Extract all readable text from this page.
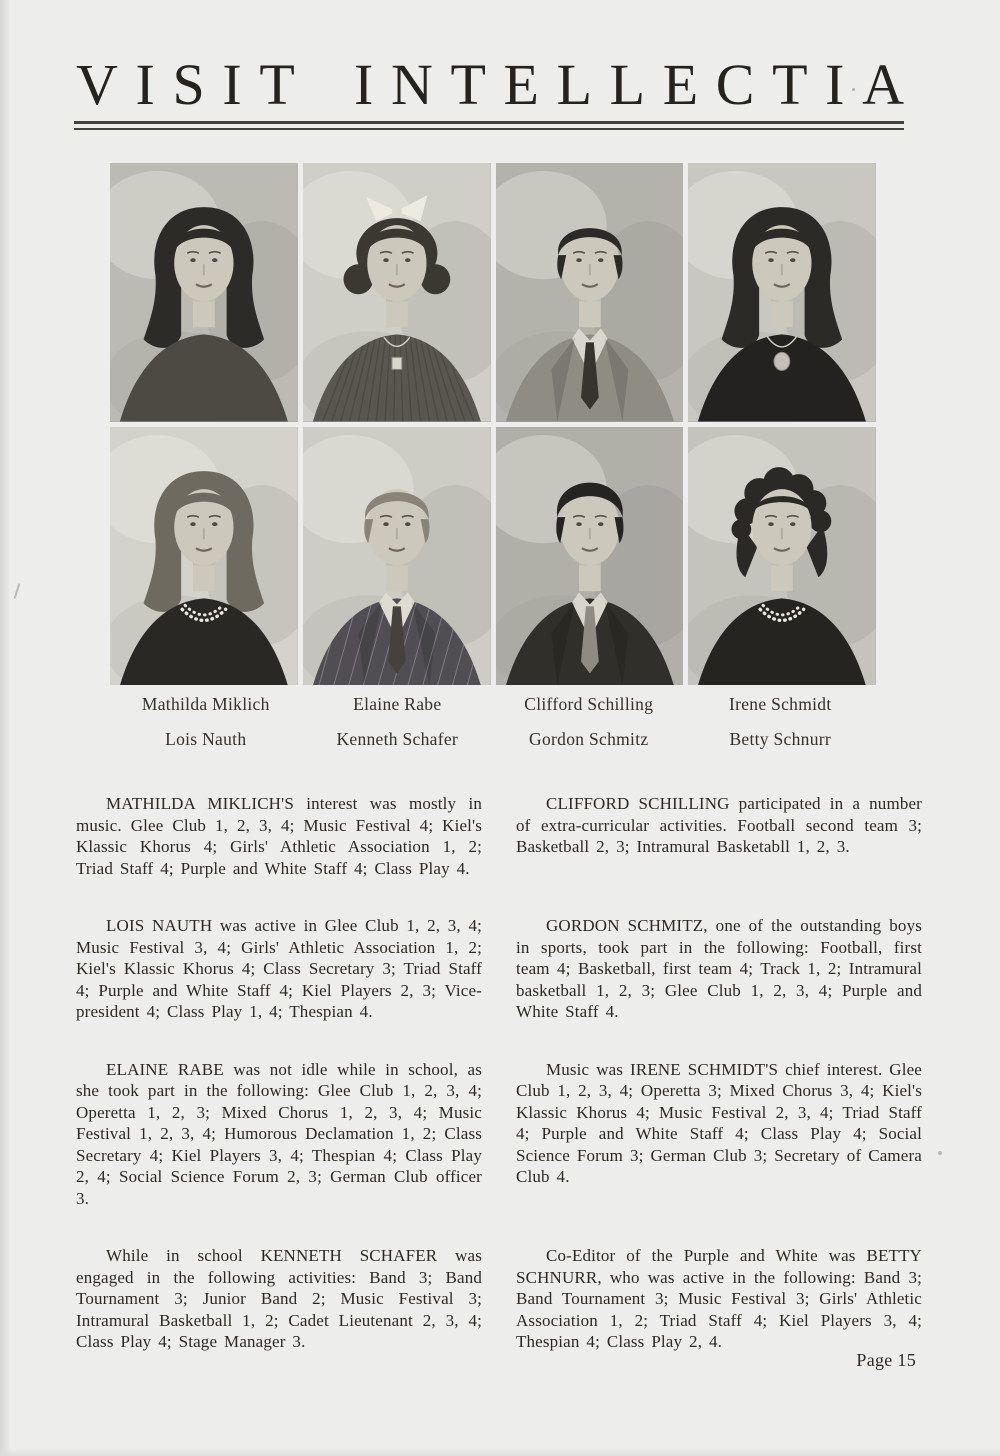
V I S I T
I N T E L L E C T I A
Mathilda Miklich	Elaine Rabe	Clifford Schilling	Irene Schmidt
Lois Nauth	Kenneth Schafer	Gordon Schmitz	Betty Schnurr

MATHILDA MIKLICH'S interest was mostly in music. Glee Club 1, 2, 3, 4; Music Festival 4; Kiel's Klassic Khorus 4; Girls' Athletic Association 1, 2; Triad Staff 4; Purple and White Staff 4; Class Play 4.

CLIFFORD SCHILLING participated in a number of extra-curricular activities. Football second team 3; Basketball 2, 3; Intramural Basketabll 1, 2, 3.

LOIS NAUTH was active in Glee Club 1, 2, 3, 4; Music Festival 3, 4; Girls' Athletic Association 1, 2; Kiel's Klassic Khorus 4; Class Secretary 3; Triad Staff 4; Purple and White Staff 4; Kiel Players 2, 3; Vice-president 4; Class Play 1, 4; Thespian 4.

GORDON SCHMITZ, one of the outstanding boys in sports, took part in the following: Football, first team 4; Basketball, first team 4; Track 1, 2; Intramural basketball 1, 2, 3; Glee Club 1, 2, 3, 4; Purple and White Staff 4.

ELAINE RABE was not idle while in school, as she took part in the following: Glee Club 1, 2, 3, 4; Operetta 1, 2, 3; Mixed Chorus 1, 2, 3, 4; Music Festival 1, 2, 3, 4; Humorous Declamation 1, 2; Class Secretary 4; Kiel Players 3, 4; Thespian 4; Class Play 2, 4; Social Science Forum 2, 3; German Club officer 3.

Music was IRENE SCHMIDT'S chief interest. Glee Club 1, 2, 3, 4; Operetta 3; Mixed Chorus 3, 4; Kiel's Klassic Khorus 4; Music Festival 2, 3, 4; Triad Staff 4; Purple and White Staff 4; Class Play 4; Social Science Forum 3; German Club 3; Secretary of Camera Club 4.

While in school KENNETH SCHAFER was engaged in the following activities: Band 3; Band Tournament 3; Junior Band 2; Music Festival 3; Intramural Basketball 1, 2; Cadet Lieutenant 2, 3, 4; Class Play 4; Stage Manager 3.

Co-Editor of the Purple and White was BETTY SCHNURR, who was active in the following: Band 3; Band Tournament 3; Music Festival 3; Girls' Athletic Association 1, 2; Triad Staff 4; Kiel Players 3, 4; Thespian 4; Class Play 2, 4.

Page 15
